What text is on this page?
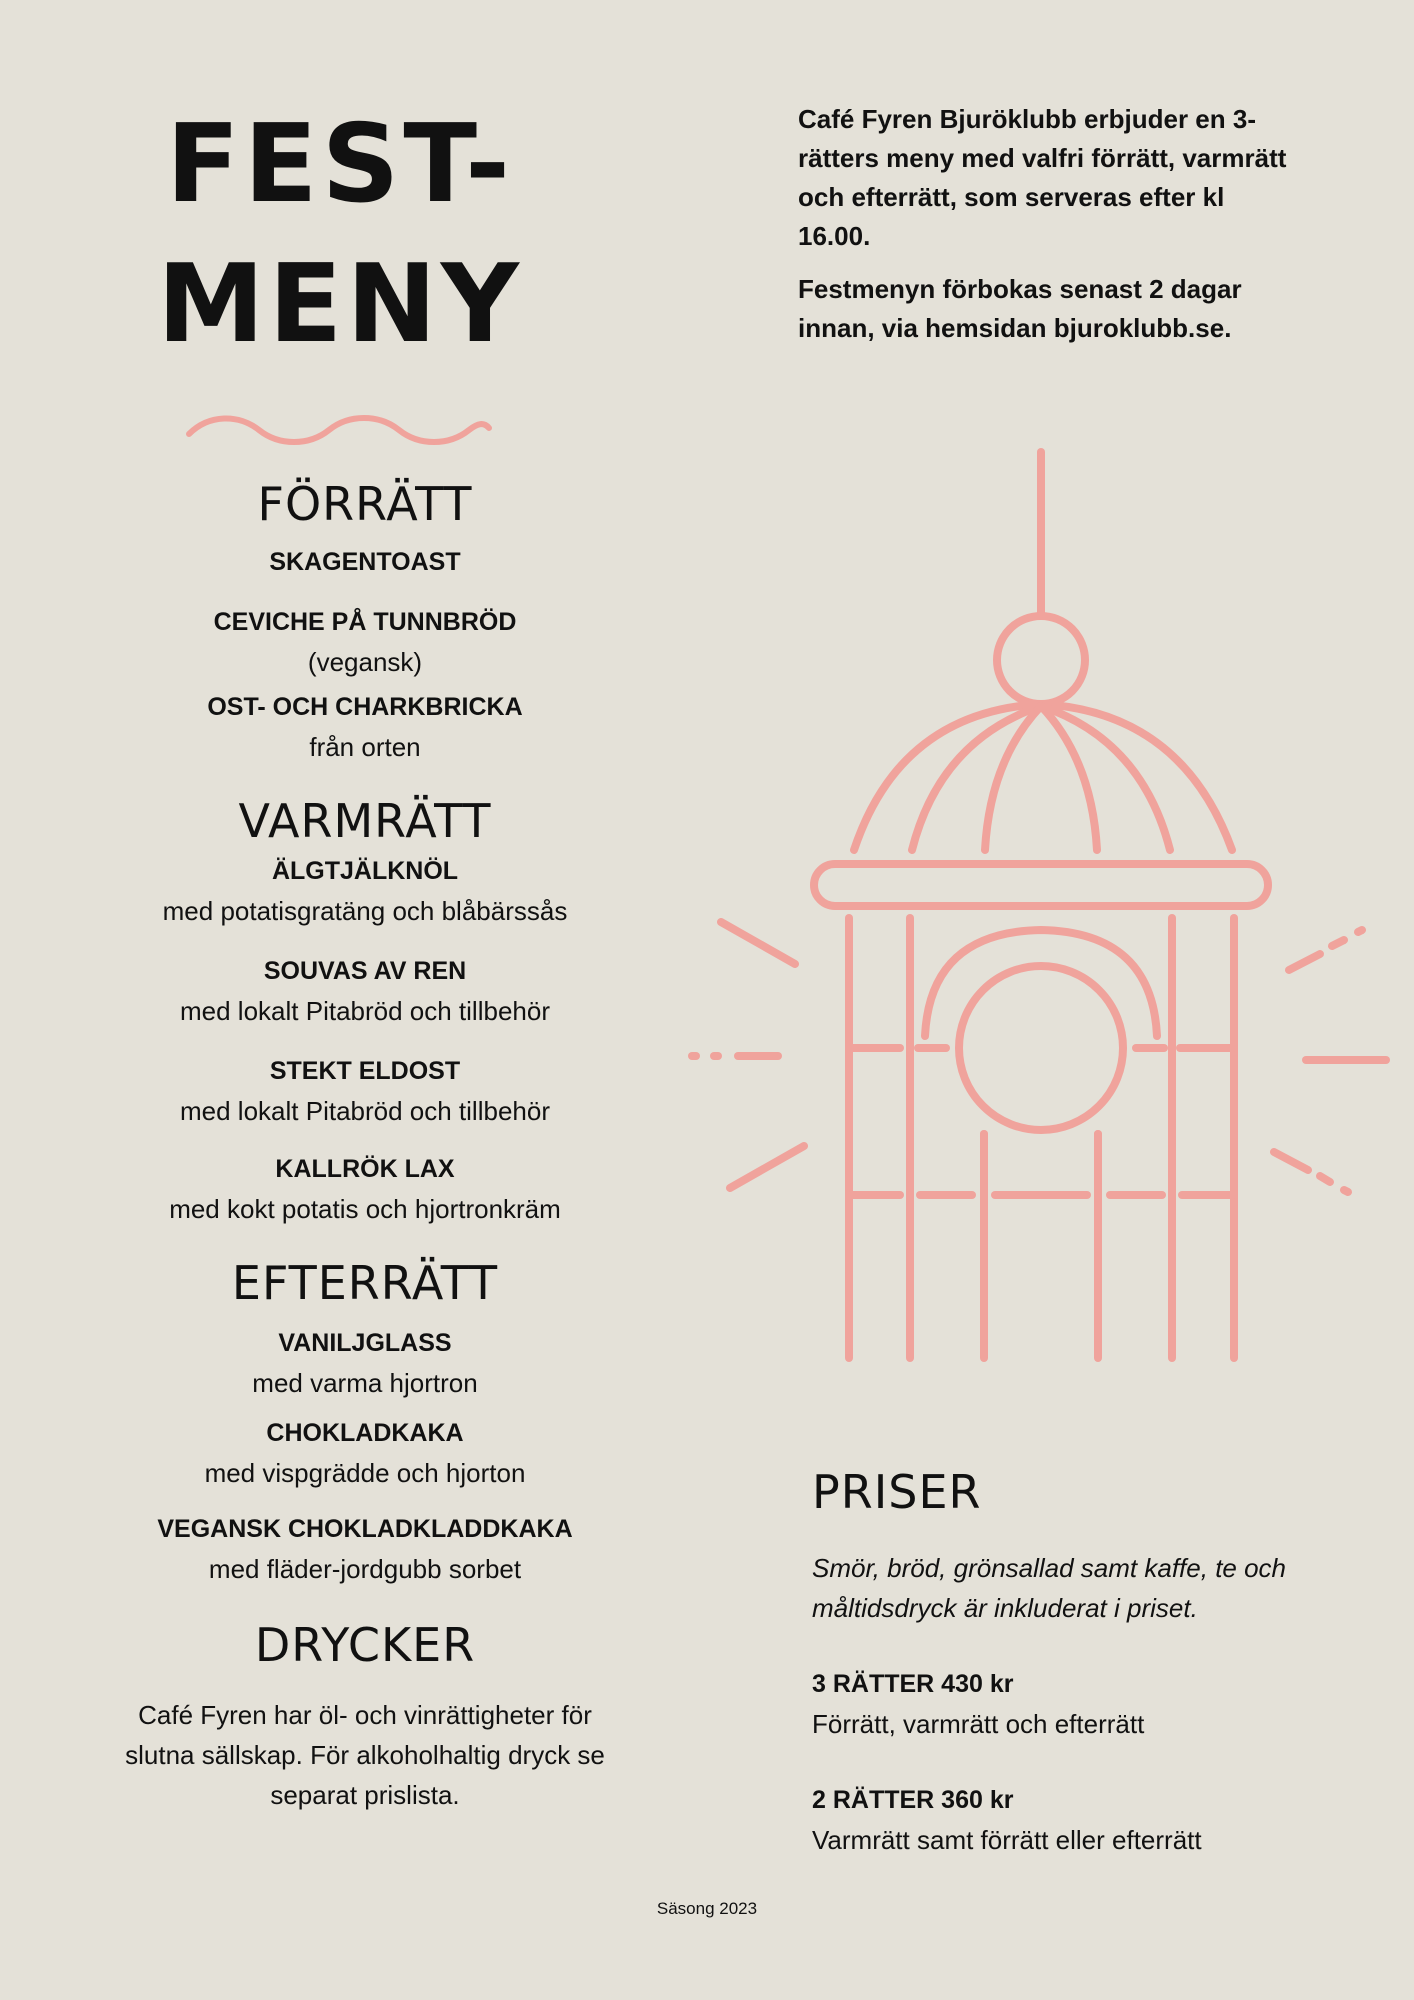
FEST-
MENY

Café Fyren Bjuröklubb erbjuder en 3-rätters meny med valfri förrätt, varmrätt och efterrätt, som serveras efter kl 16.00.

Festmenyn förbokas senast 2 dagar innan, via hemsidan bjuroklubb.se.

FÖRRÄTT
SKAGENTOAST
CEVICHE PÅ TUNNBRÖD
(vegansk)
OST- OCH CHARKBRICKA
från orten
VARMRÄTT
ÄLGTJÄLKNÖL
med potatisgratäng och blåbärssås
SOUVAS AV REN
med lokalt Pitabröd och tillbehör
STEKT ELDOST
med lokalt Pitabröd och tillbehör
KALLRÖK LAX
med kokt potatis och hjortronkräm
EFTERRÄTT
VANILJGLASS
med varma hjortron
CHOKLADKAKA
med vispgrädde och hjorton
VEGANSK CHOKLADKLADDKAKA
med fläder-jordgubb sorbet
DRYCKER

Café Fyren har öl- och vinrättigheter för slutna sällskap. För alkoholhaltig dryck se separat prislista.

PRISER

Smör, bröd, grönsallad samt kaffe, te och måltidsdryck är inkluderat i priset.

3 RÄTTER 430 kr
Förrätt, varmrätt och efterrätt
2 RÄTTER 360 kr
Varmrätt samt förrätt eller efterrätt
Säsong 2023
